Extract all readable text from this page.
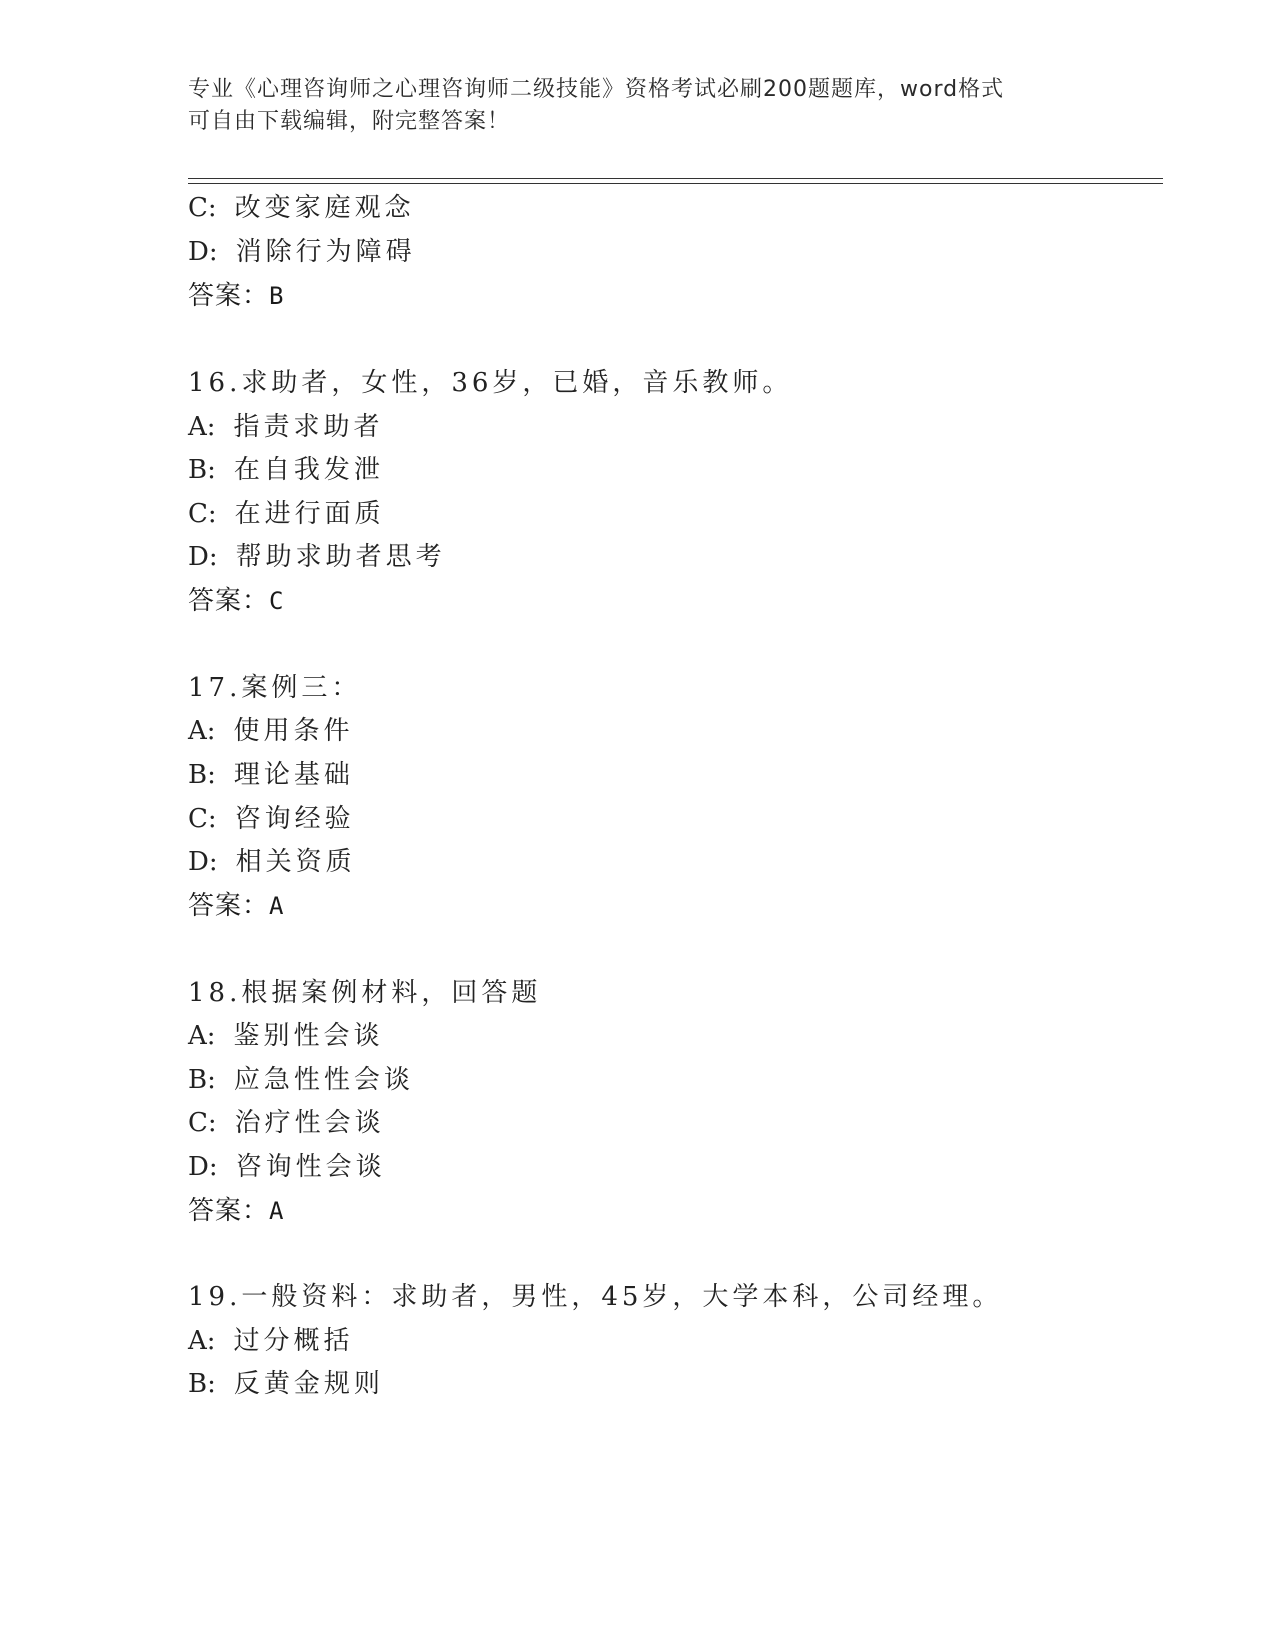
专业《心理咨询师之心理咨询师二级技能》资格考试必刷200题题库，word格式
可自由下载编辑，附完整答案！
C: 改变家庭观念
D: 消除行为障碍
答案：B
16.求助者，女性，36岁，已婚，音乐教师。
A: 指责求助者
B: 在自我发泄
C: 在进行面质
D: 帮助求助者思考
答案：C
17.案例三：
A: 使用条件
B: 理论基础
C: 咨询经验
D: 相关资质
答案：A
18.根据案例材料，回答题
A: 鉴别性会谈
B: 应急性性会谈
C: 治疗性会谈
D: 咨询性会谈
答案：A
19.一般资料：求助者，男性，45岁，大学本科，公司经理。
A: 过分概括
B: 反黄金规则
